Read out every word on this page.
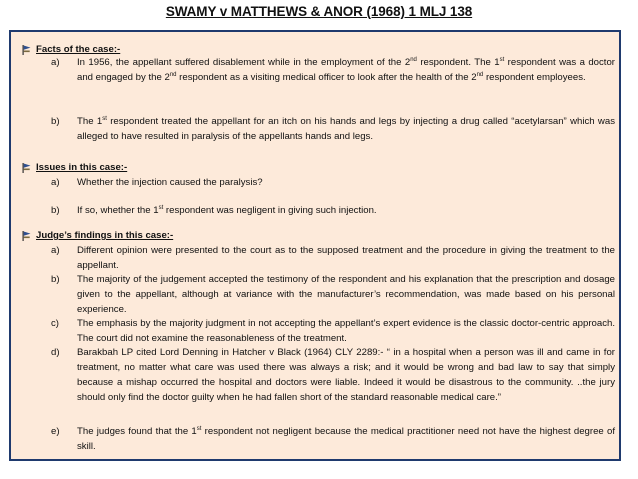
SWAMY v MATTHEWS & ANOR (1968) 1 MLJ 138
Facts of the case:-
a) In 1956, the appellant suffered disablement while in the employment of the 2nd respondent. The 1st respondent was a doctor and engaged by the 2nd respondent as a visiting medical officer to look after the health of the 2nd respondent employees.

b) The 1st respondent treated the appellant for an itch on his hands and legs by injecting a drug called “acetylarsan” which was alleged to have resulted in paralysis of the appellants hands and legs.

Issues in this case:-
a) Whether the injection caused the paralysis?

b) If so, whether the 1st respondent was negligent in giving such injection.

Judge’s findings in this case:-
a) Different opinion were presented to the court as to the supposed treatment and the procedure in giving the treatment to the appellant.

b) The majority of the judgement accepted the testimony of the respondent and his explanation that the prescription and dosage given to the appellant, although at variance with the manufacturer’s recommendation, was made based on his personal experience.

c) The emphasis by the majority judgment in not accepting the appellant’s expert evidence is the classic doctor-centric approach. The court did not examine the reasonableness of the treatment.

d) Barakbah LP cited Lord Denning in Hatcher v Black (1964) CLY 2289:- “ in a hospital when a person was ill and came in for treatment, no matter what care was used there was always a risk; and it would be wrong and bad law to say that simply because a mishap occurred the hospital and doctors were liable. Indeed it would be disastrous to the community. ..the jury should only find the doctor guilty when he had fallen short of the standard reasonable medical care.”

e) The judges found that the 1st respondent not negligent because the medical practitioner need not have the highest degree of skill.
